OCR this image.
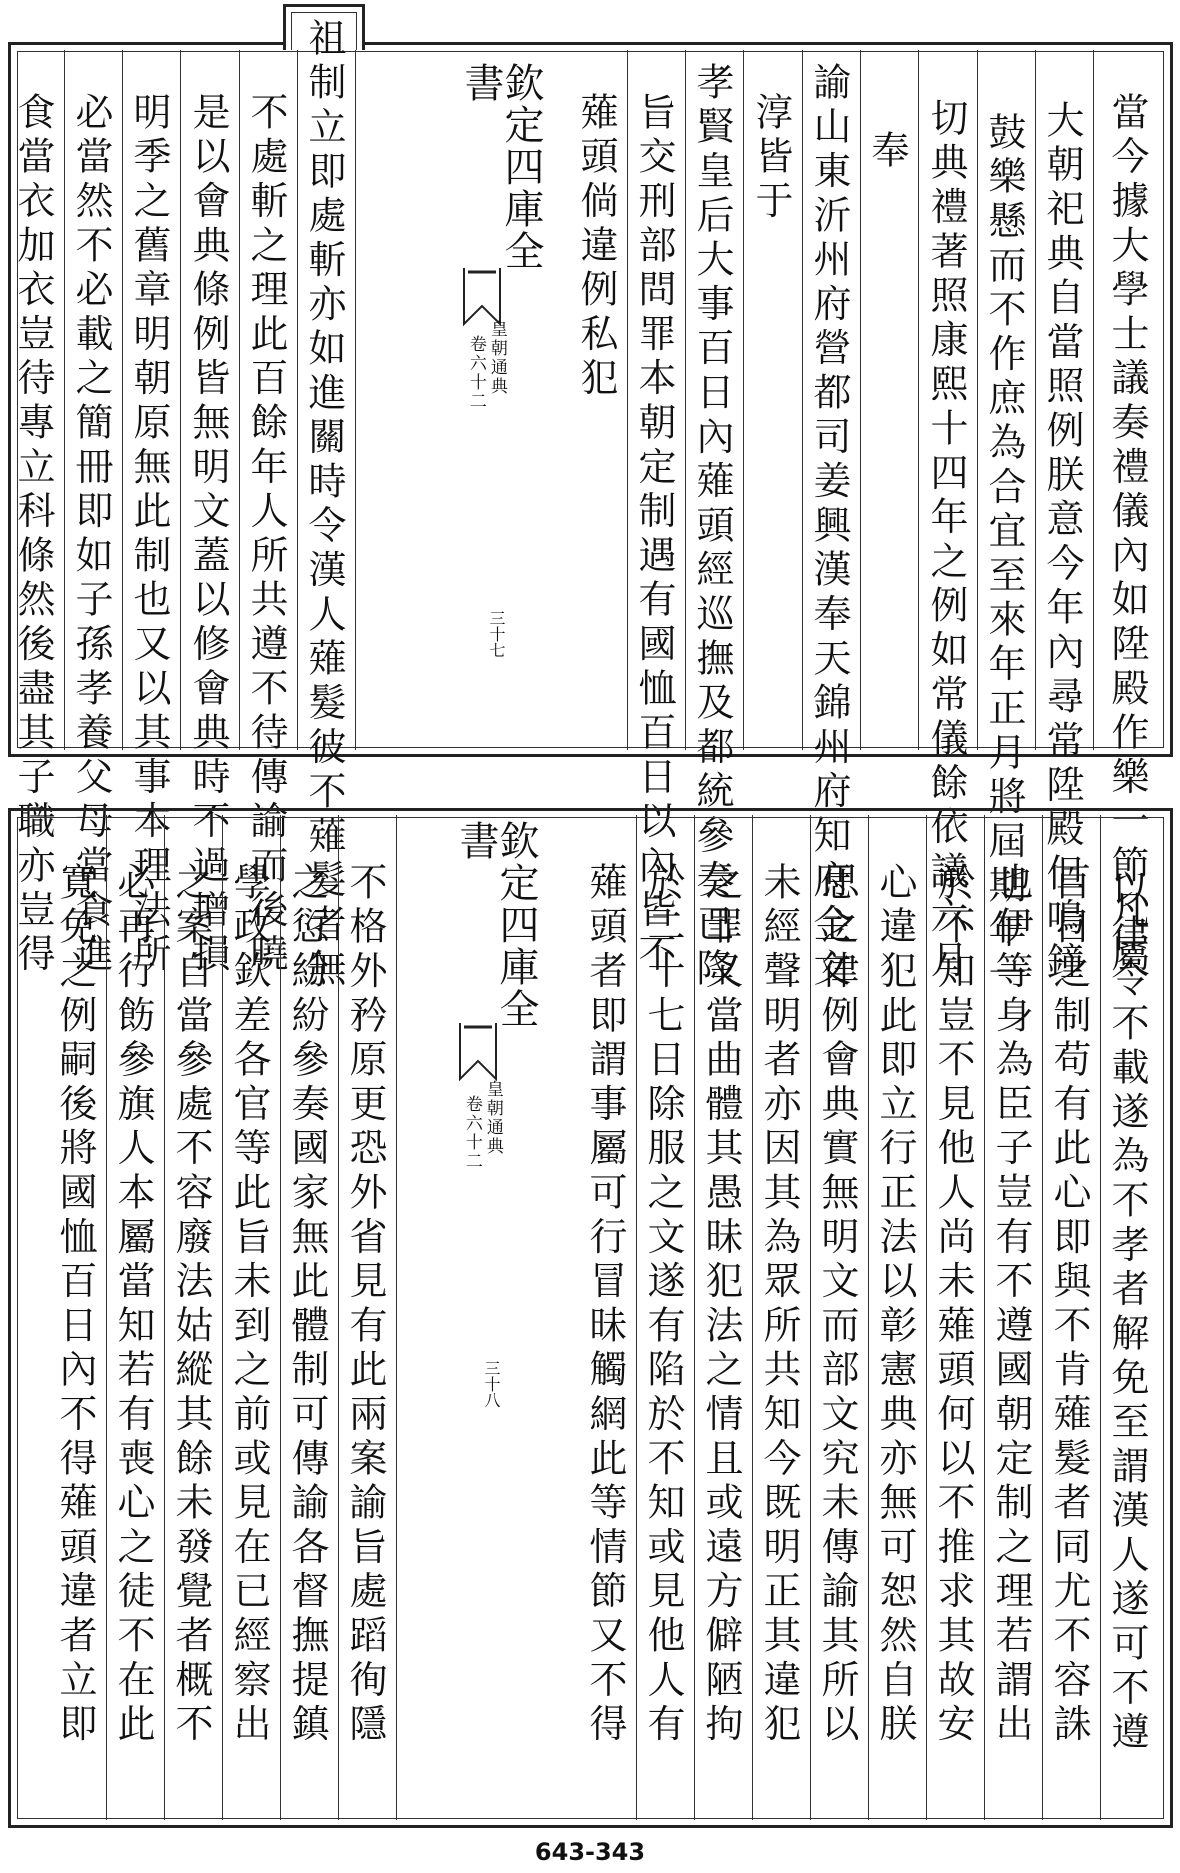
當今據大學士議奏禮儀內如陞殿作樂一節凡屬
大朝祀典自當照例朕意今年內尋常陞殿但鳴鐘
鼓樂懸而不作庶為合宜至來年正月將屆期年一
切典禮著照康熙十四年之例如常儀餘依議六月
奉
諭山東沂州府營都司姜興漢奉天錦州府知府金文
淳皆于
孝賢皇后大事百日內薙頭經巡撫及都統參奏已降
旨交刑部問罪本朝定制遇有國恤百日以內皆不
薙頭倘違例私犯
祖制立即處斬亦如進關時令漢人薙髮彼不薙髮者無
不處斬之理此百餘年人所共遵不待傳諭而後曉
是以會典條例皆無明文蓋以修會典時不過增損
明季之舊章明朝原無此制也又以其事本理法所
必當然不必載之簡冊即如子孫孝養父母當食進
食當衣加衣豈待專立科條然後盡其子職亦豈得	欽定四庫全書
皇朝通典
卷六十二
三十七
以律令不載遂為不孝者解免至謂漢人遂可不遵
百日之制苟有此心即與不肯薙髮者同尤不容誅
也伊等身為臣子豈有不遵國朝定制之理若謂出
於不知豈不見他人尚未薙頭何以不推求其故安
心違犯此即立行正法以彰憲典亦無可恕然自朕
思之律例會典實無明文而部文究未傳諭其所以
未經聲明者亦因其為眾所共知今既明正其違犯
之罪又當曲體其愚昧犯法之情且或遠方僻陋拘
於二十七日除服之文遂有陷於不知或見他人有
薙頭者即謂事屬可行冒昧觸網此等情節又不得
不格外矜原更恐外省見有此兩案諭旨處蹈徇隱
之愆紛紛參奏國家無此體制可傳諭各督撫提鎮
學政欽差各官等此旨未到之前或見在已經察出
之案自當參處不容廢法姑縱其餘未發覺者概不
必再行飭參旗人本屬當知若有喪心之徒不在此
寬免之例嗣後將國恤百日內不得薙頭違者立即	欽定四庫全書
皇朝通典
卷六十二
三十八
643-343
